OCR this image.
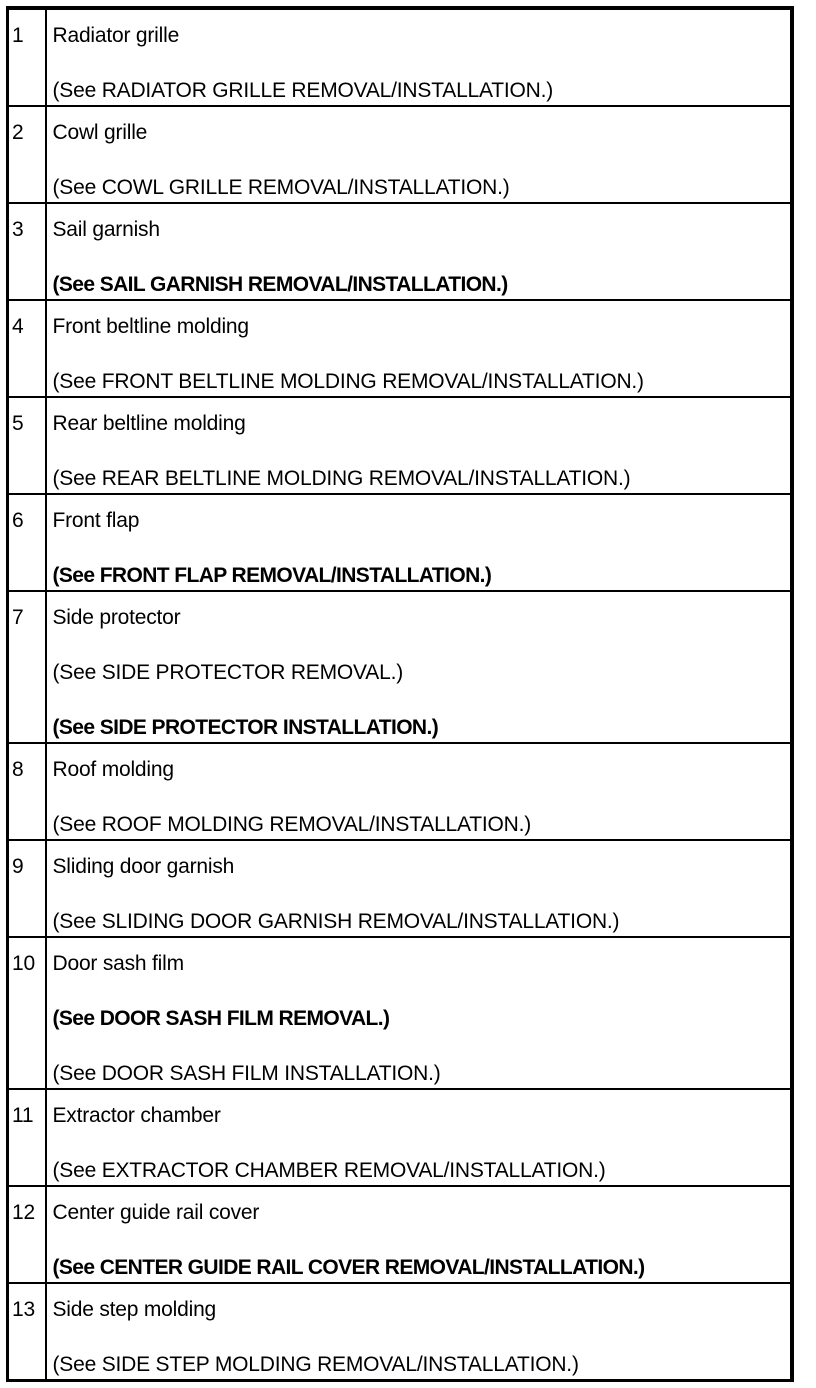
1	Radiator grille
(See RADIATOR GRILLE REMOVAL/INSTALLATION.)

2	Cowl grille
(See COWL GRILLE REMOVAL/INSTALLATION.)

3	Sail garnish
(See SAIL GARNISH REMOVAL/INSTALLATION.)

4	Front beltline molding
(See FRONT BELTLINE MOLDING REMOVAL/INSTALLATION.)

5	Rear beltline molding
(See REAR BELTLINE MOLDING REMOVAL/INSTALLATION.)

6	Front flap
(See FRONT FLAP REMOVAL/INSTALLATION.)

7	Side protector
(See SIDE PROTECTOR REMOVAL.)
(See SIDE PROTECTOR INSTALLATION.)

8	Roof molding
(See ROOF MOLDING REMOVAL/INSTALLATION.)

9	Sliding door garnish
(See SLIDING DOOR GARNISH REMOVAL/INSTALLATION.)

10	Door sash film
(See DOOR SASH FILM REMOVAL.)
(See DOOR SASH FILM INSTALLATION.)

11	Extractor chamber
(See EXTRACTOR CHAMBER REMOVAL/INSTALLATION.)

12	Center guide rail cover
(See CENTER GUIDE RAIL COVER REMOVAL/INSTALLATION.)

13	Side step molding
(See SIDE STEP MOLDING REMOVAL/INSTALLATION.)
